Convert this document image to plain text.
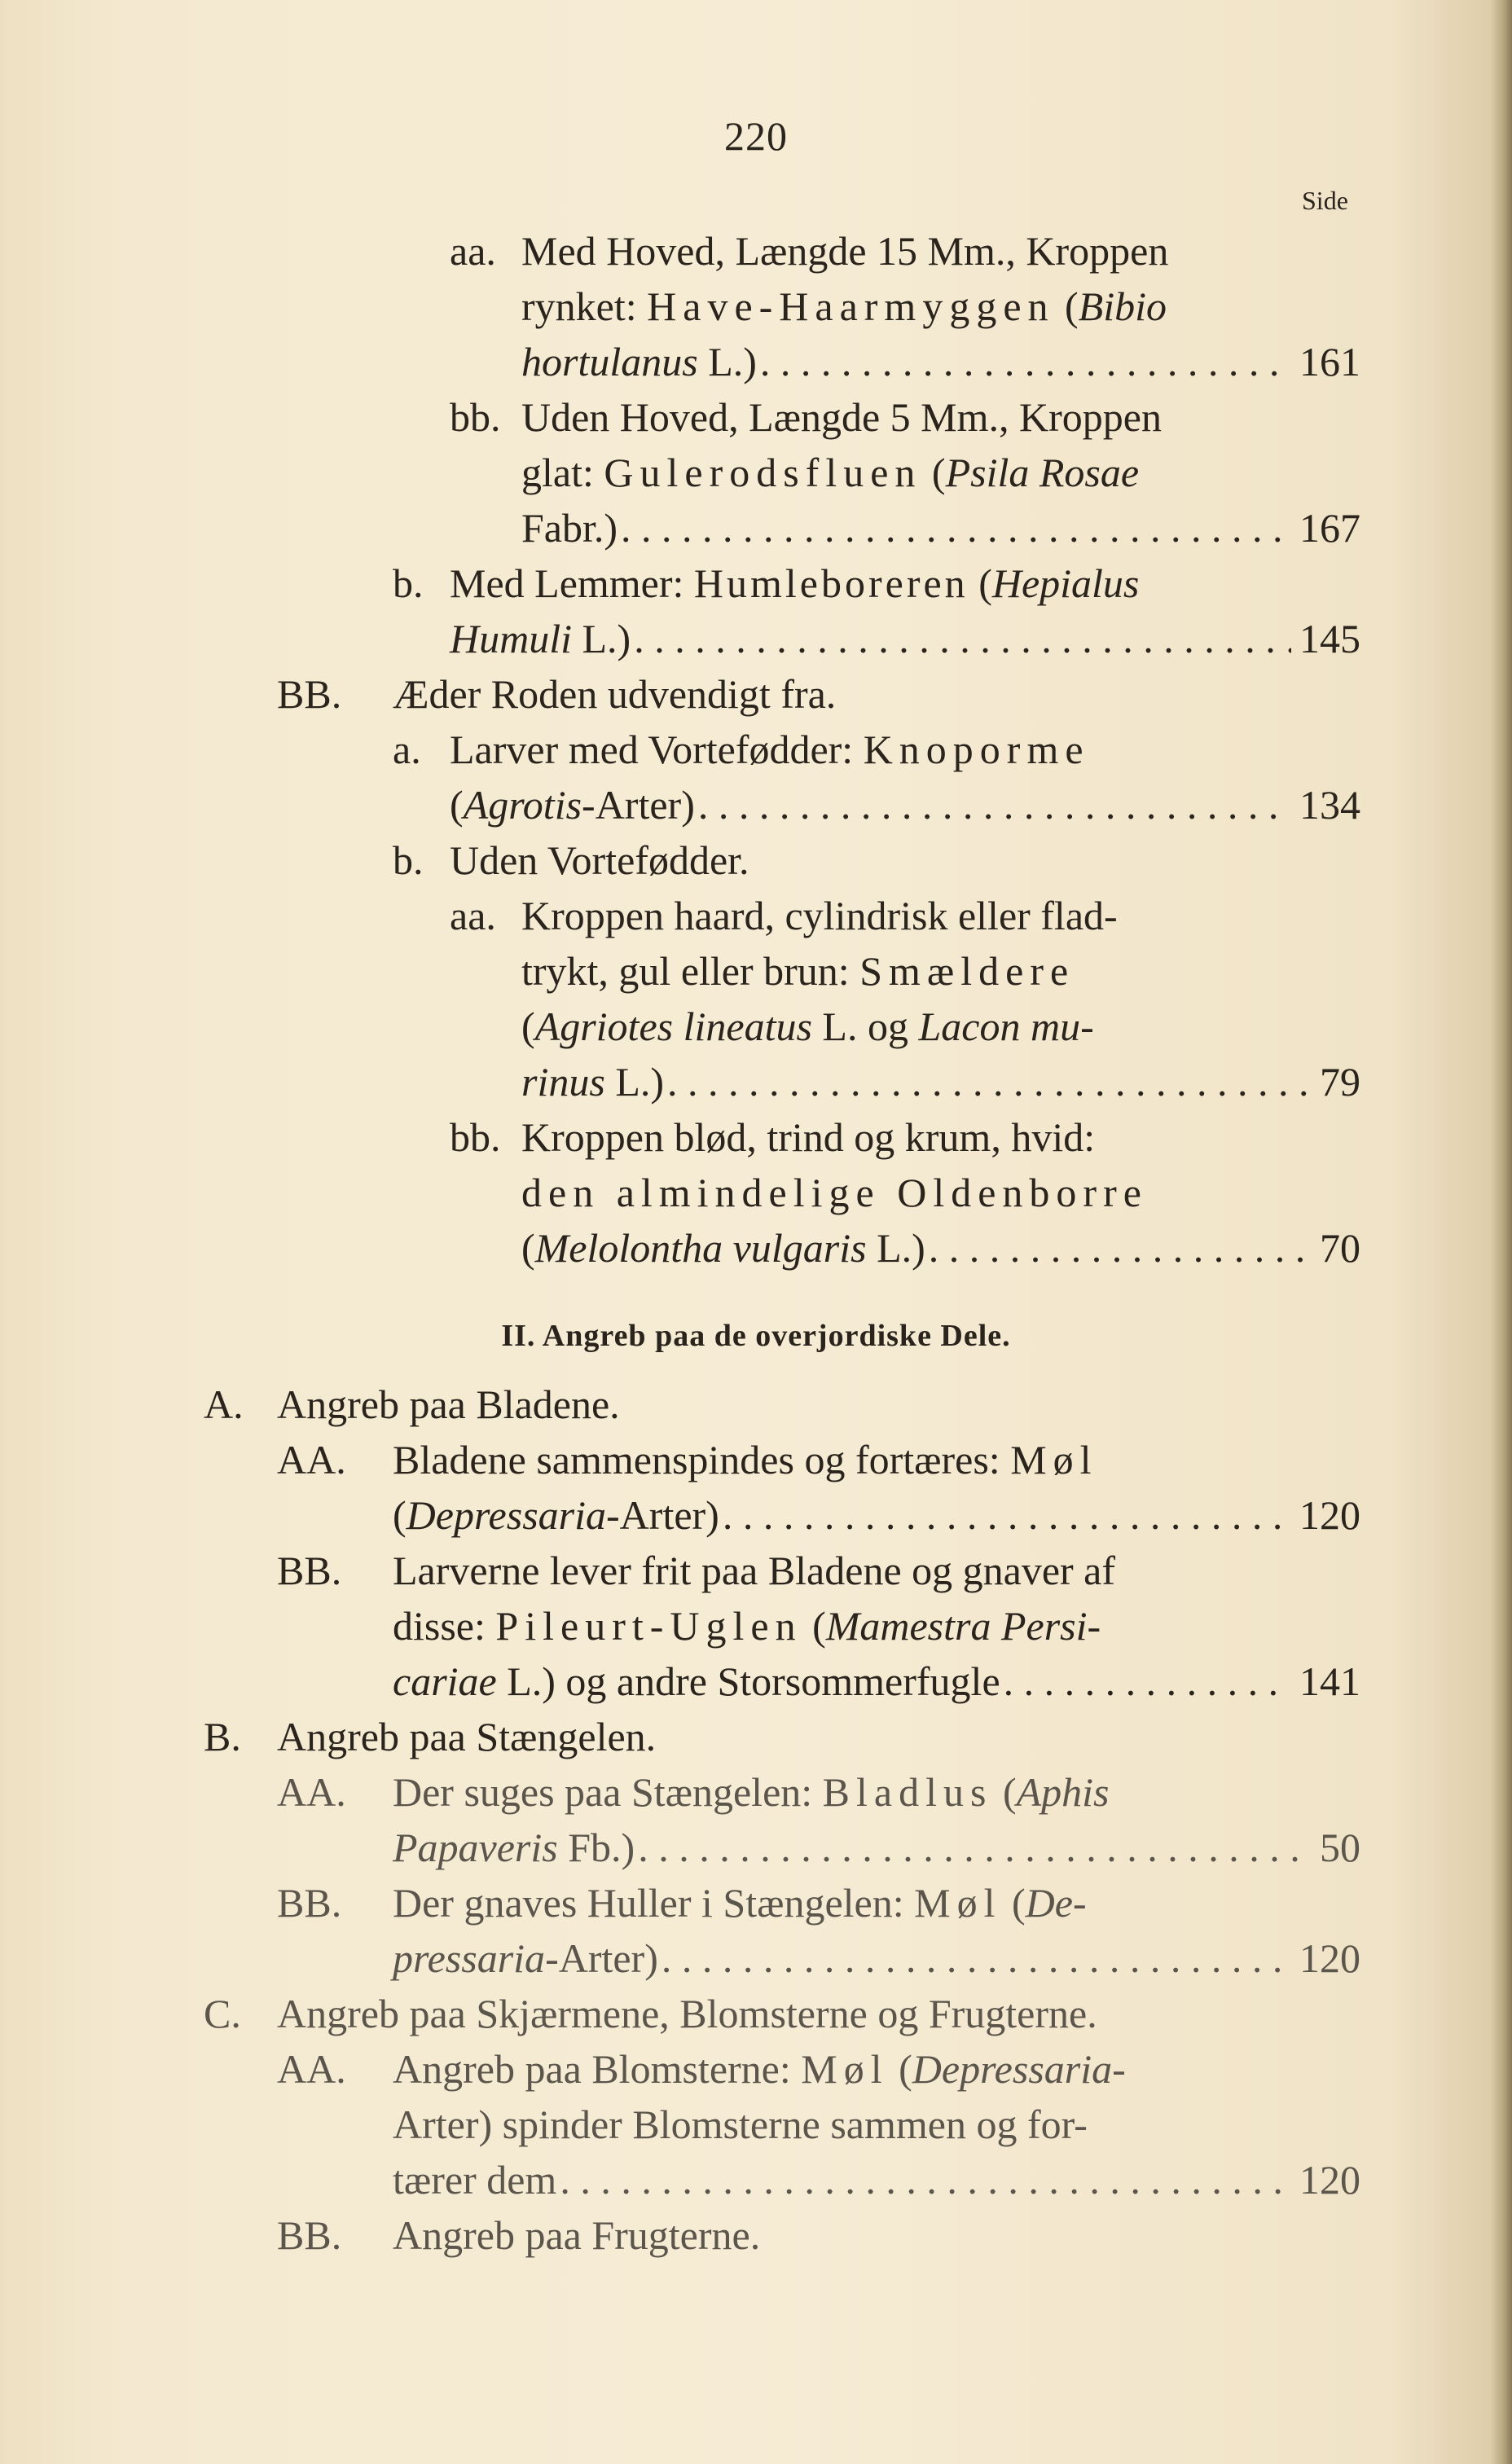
220
Side
aa. Med Hoved, Længde 15 Mm., Kroppen
rynket: Have-Haarmyggen (Bibio
hortulanus L.) . . .	161
bb. Uden Hoved, Længde 5 Mm., Kroppen
glat: Gulerodsfluen (Psila Rosae
Fabr.) . . .	167
b. Med Lemmer: Humleboreren (Hepialus
Humuli L.) . . .	145
BB. Æder Roden udvendigt fra.
a. Larver med Vortefødder: Knoporme
(Agrotis-Arter) . . .	134
b. Uden Vortefødder.
aa. Kroppen haard, cylindrisk eller flad-
trykt, gul eller brun: Smældere
(Agriotes lineatus L. og Lacon mu-
rinus L.) . . .	79
bb. Kroppen blød, trind og krum, hvid:
den almindelige Oldenborre
(Melolontha vulgaris L.) . . .	70
II. Angreb paa de overjordiske Dele.
A. Angreb paa Bladene.
AA. Bladene sammenspindes og fortæres: Møl
(Depressaria-Arter) . . .	120
BB. Larverne lever frit paa Bladene og gnaver af
disse: Pileurt-Uglen (Mamestra Persi-
cariae L.) og andre Storsommerfugle . . .	141
B. Angreb paa Stængelen.
AA. Der suges paa Stængelen: Bladlus (Aphis
Papaveris Fb.) . . .	50
BB. Der gnaves Huller i Stængelen: Møl (De-
pressaria-Arter) . . .	120
C. Angreb paa Skjærmene, Blomsterne og Frugterne.
AA. Angreb paa Blomsterne: Møl (Depressaria-
Arter) spinder Blomsterne sammen og for-
tærer dem . . .	120
BB. Angreb paa Frugterne.
